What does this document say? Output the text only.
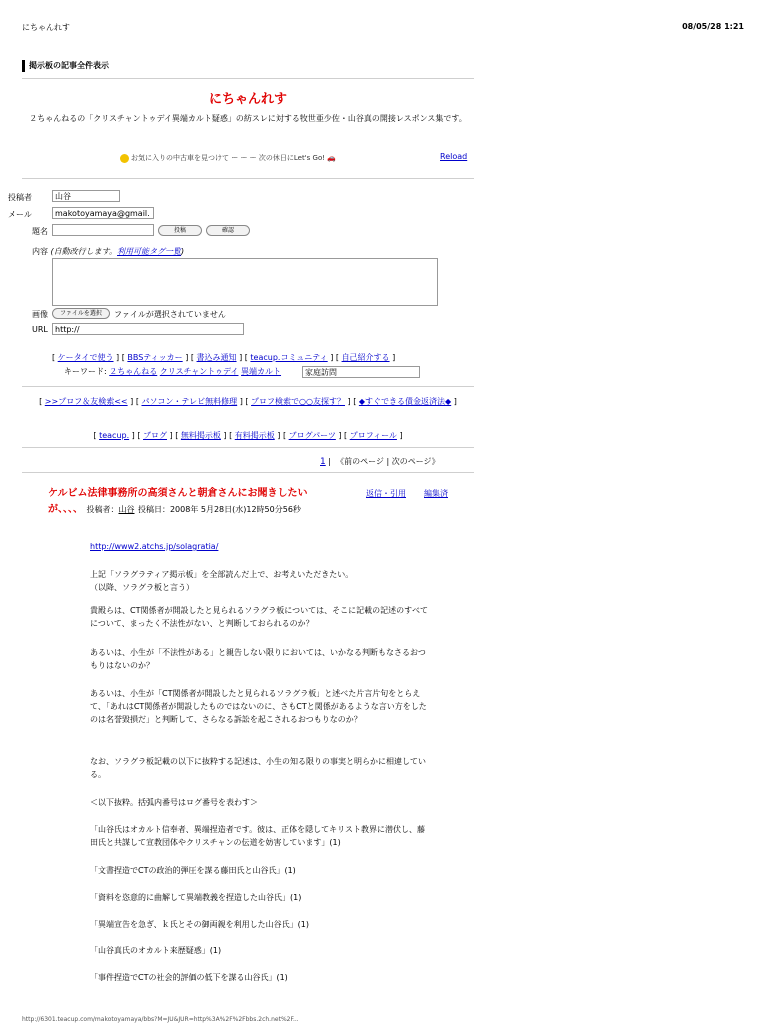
にちゃんれす	08/05/28 1:21
掲示板の記事全件表示
にちゃんれす
２ちゃんねるの「クリスチャントゥデイ異端カルト疑惑」の紡スレに対する牧世亜少佐・山谷真の開接レスポンス集です。
お気に入りの中古車を見つけて ー ー ー 次の休日にLet's Go! 🚗	Reload
投稿者	山谷
メール	makotoyamaya@gmail.
題名	投稿	確認
内容 (自動改行します。利用可能タグ一覧)
画像	ファイルを選択	ファイルが選択されていません
URL http://
[ ケータイで使う ] [ BBSティッカー ] [ 書込み通知 ] [ teacup.コミュニティ ] [ 自己紹介する ]
キーワード: ２ちゃんねる クリスチャントゥデイ 異端カルト	家庭訪問
[ >>プロフ＆友検索<< ] [ パソコン・テレビ無料修理 ] [ プロフ検索で○○友探す？ ] [ ◆すぐできる債金返済法◆ ]
[ teacup. ] [ ブログ ] [ 無料掲示板 ] [ 有料掲示板 ] [ ブログパーツ ] [ プロフィール ]
1 | 《前のページ | 次のページ》
ケルビム法律事務所の高須さんと朝倉さんにお聞きしたいが、、、、 投稿者：山谷 投稿日：2008年 5月28日(水)12時50分56秒
返信・引用 編集済
http://www2.atchs.jp/solagratia/
上記「ソラグラティア掲示板」を全部読んだ上で、お考えいただきたい。
（以降、ソラグラ板と言う）
貴殿らは、CT関係者が開設したと見られるソラグラ板については、そこに記載の記述のすべてについて、まったく不法性がない、と判断しておられるのか？
あるいは、小生が「不法性がある」と親告しない限りにおいては、いかなる判断もなさるおつもりはないのか？
あるいは、小生が「CT関係者が開設したと見られるソラグラ板」と述べた片言片句をとらえて、「あれはCT関係者が開設したものではないのに、さもCTと関係があるような言い方をしたのは名誉毀損だ」と判断して、さらなる訴訟を起こされるおつもりなのか？
なお、ソラグラ板記載の以下に抜粋する記述は、小生の知る限りの事実と明らかに相違している。
＜以下抜粋。括弧内番号はログ番号を表わす＞
「山谷氏はオカルト信奉者、異端捏造者です。彼は、正体を隠してキリスト教界に潜伏し、藤田氏と共謀して宣教団体やクリスチャンの伝道を妨害しています」(1)
「文書捏造でCTの政治的弾圧を謀る藤田氏と山谷氏」(1)
「資料を恣意的に曲解して異端教義を捏造した山谷氏」(1)
「異端宣告を急ぎ、ｋ氏とその御両親を利用した山谷氏」(1)
「山谷真氏のオカルト来歴疑惑」(1)
「事件捏造でCTの社会的評価の低下を謀る山谷氏」(1)
http://6301.teacup.com/makotoyamaya/bbs?M=JU&JUR=http%3A%2F%2Fbbs.2ch.net%2F...
